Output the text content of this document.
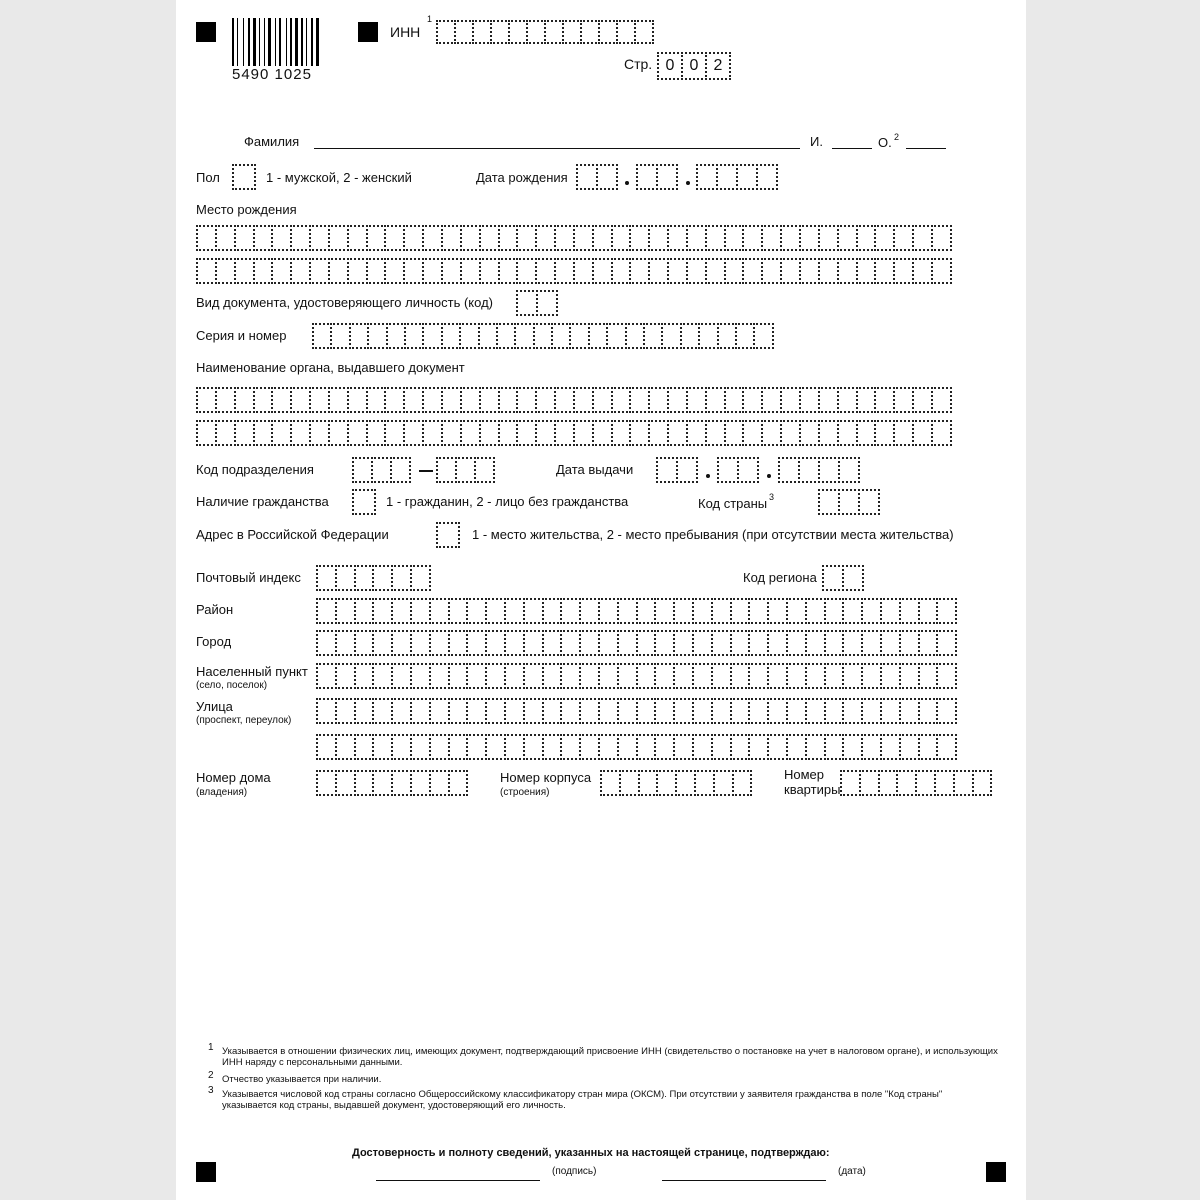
5490 1025
ИНН
1
Стр. 0 0 2
Фамилия	И.	О. 2
Пол	1 - мужской, 2 - женский	Дата рождения
Место рождения
Вид документа, удостоверяющего личность (код)
Серия и номер
Наименование органа, выдавшего документ
Код подразделения	Дата выдачи
Наличие гражданства	1 - гражданин, 2 - лицо без гражданства	Код страны 3
Адрес в Российской Федерации	1 - место жительства, 2 - место пребывания (при отсутствии места жительства)
Почтовый индекс	Код региона
Район
Город
Населенный пункт
(село, поселок)
Улица
(проспект, переулок)
Номер дома
(владения)
Номер корпуса
(строения)
Номер
квартиры
1 Указывается в отношении физических лиц, имеющих документ, подтверждающий присвоение ИНН (свидетельство о постановке на учет в налоговом органе), и использующих ИНН наряду с персональными данными.
2 Отчество указывается при наличии.
3 Указывается числовой код страны согласно Общероссийскому классификатору стран мира (ОКСМ). При отсутствии у заявителя гражданства в поле "Код страны" указывается код страны, выдавшей документ, удостоверяющий его личность.
Достоверность и полноту сведений, указанных на настоящей странице, подтверждаю:
(подпись)	(дата)
